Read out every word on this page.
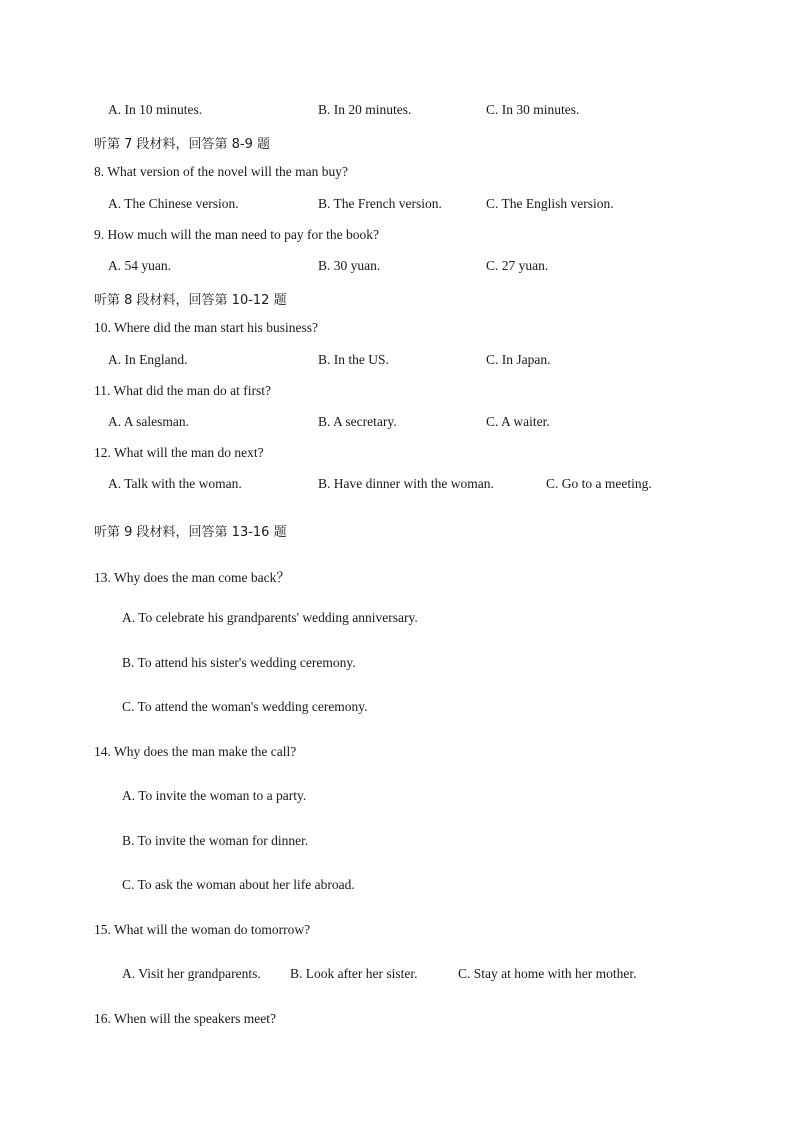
A. In 10 minutes.	B. In 20 minutes.	C. In 30 minutes.
听第 7 段材料，回答第 8-9 题
8. What version of the novel will the man buy?
A. The Chinese version.	B. The French version.	C. The English version.
9. How much will the man need to pay for the book?
A. 54 yuan.	B. 30 yuan.	C. 27 yuan.
听第 8 段材料，回答第 10-12 题
10. Where did the man start his business?
A. In England.	B. In the US.	C. In Japan.
11. What did the man do at first?
A. A salesman.	B. A secretary.	C. A waiter.
12. What will the man do next?
A. Talk with the woman.	B. Have dinner with the woman.	C. Go to a meeting.
听第 9 段材料，回答第 13-16 题
13. Why does the man come back？
A. To celebrate his grandparents' wedding anniversary.
B. To attend his sister's wedding ceremony.
C. To attend the woman's wedding ceremony.
14. Why does the man make the call?
A. To invite the woman to a party.
B. To invite the woman for dinner.
C. To ask the woman about her life abroad.
15. What will the woman do tomorrow?
A. Visit her grandparents. B. Look after her sister.	C. Stay at home with her mother.
16. When will the speakers meet?
